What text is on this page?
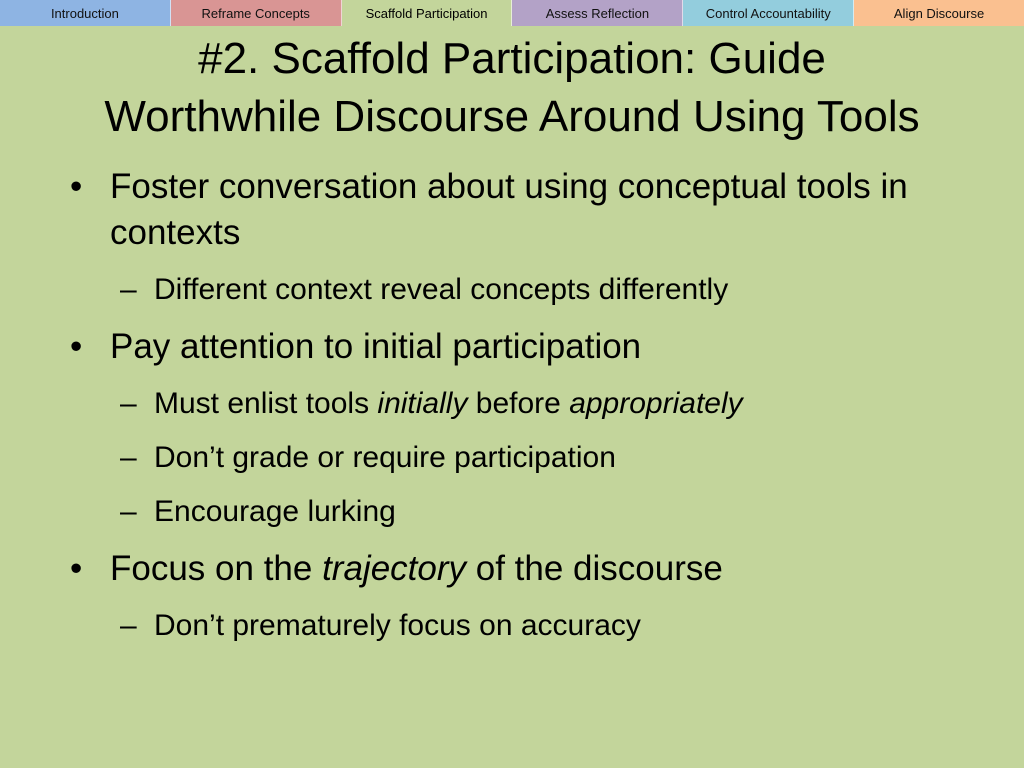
Introduction	Reframe Concepts	Scaffold Participation	Assess Reflection	Control Accountability	Align Discourse
#2. Scaffold Participation: Guide
Worthwhile Discourse Around Using Tools

• Foster conversation about using conceptual tools in contexts

– Different context reveal concepts differently

• Pay attention to initial participation

– Must enlist tools initially before appropriately

– Don’t grade or require participation

– Encourage lurking

• Focus on the trajectory of the discourse

– Don’t prematurely focus on accuracy
